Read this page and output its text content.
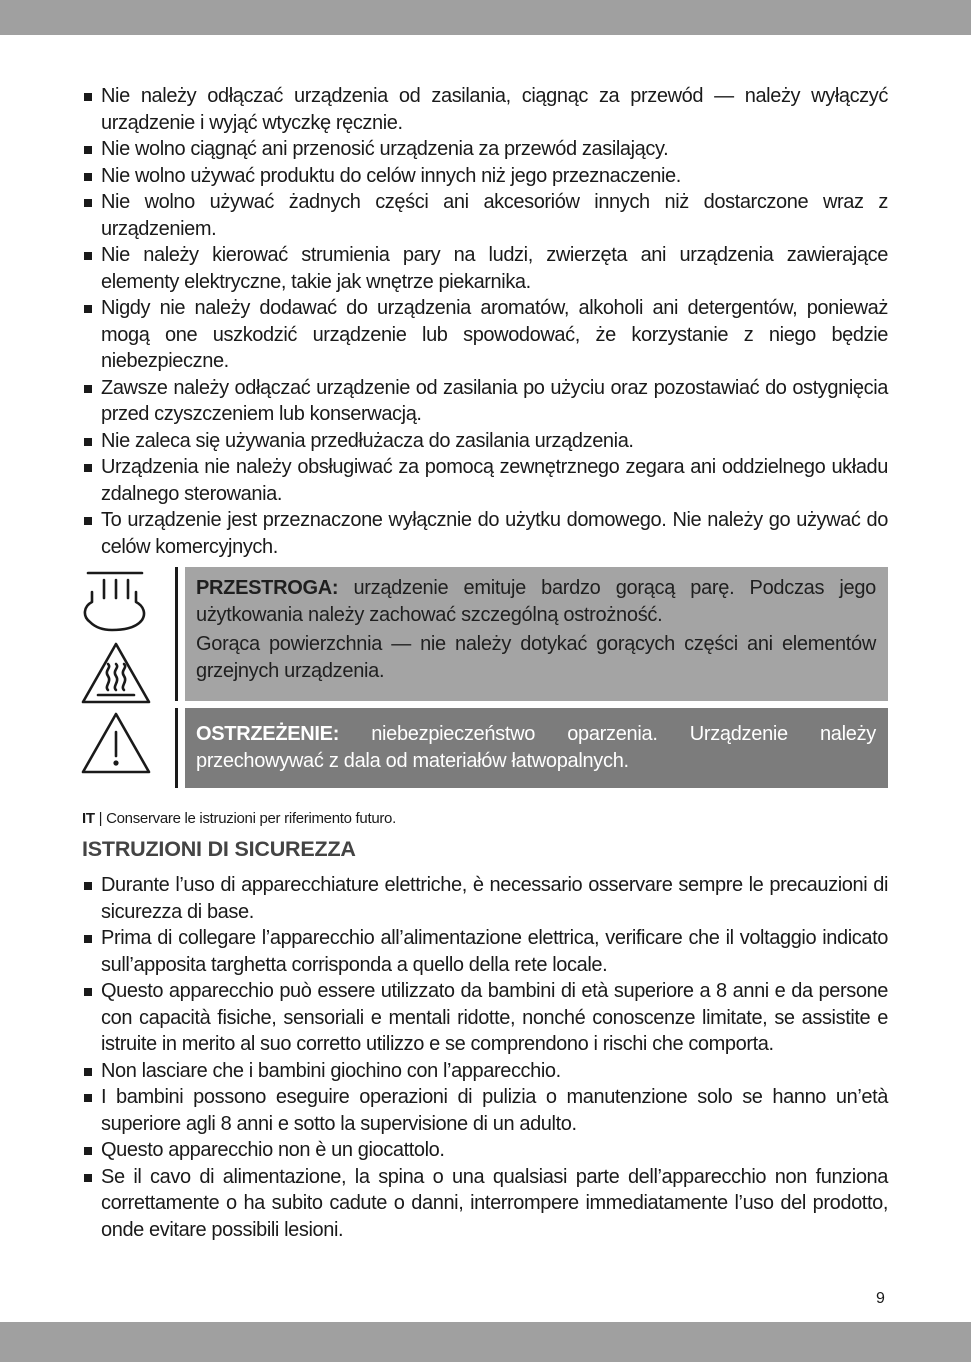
Nie należy odłączać urządzenia od zasilania, ciągnąc za przewód — należy wyłączyć urządzenie i wyjąć wtyczkę ręcznie.
Nie wolno ciągnąć ani przenosić urządzenia za przewód zasilający.
Nie wolno używać produktu do celów innych niż jego przeznaczenie.
Nie wolno używać żadnych części ani akcesoriów innych niż dostarczone wraz z urządzeniem.
Nie należy kierować strumienia pary na ludzi, zwierzęta ani urządzenia zawierające elementy elektryczne, takie jak wnętrze piekarnika.
Nigdy nie należy dodawać do urządzenia aromatów, alkoholi ani detergentów, ponieważ mogą one uszkodzić urządzenie lub spowodować, że korzystanie z niego będzie niebezpieczne.
Zawsze należy odłączać urządzenie od zasilania po użyciu oraz pozostawiać do ostygnięcia przed czyszczeniem lub konserwacją.
Nie zaleca się używania przedłużacza do zasilania urządzenia.
Urządzenia nie należy obsługiwać za pomocą zewnętrznego zegara ani oddzielnego układu zdalnego sterowania.
To urządzenie jest przeznaczone wyłącznie do użytku domowego. Nie należy go używać do celów komercyjnych.

PRZESTROGA: urządzenie emituje bardzo gorącą parę. Podczas jego użytkowania należy zachować szczególną ostrożność.

Gorąca powierzchnia — nie należy dotykać gorących części ani elementów grzejnych urządzenia.

OSTRZEŻENIE: niebezpieczeństwo oparzenia. Urządzenie należy przechowywać z dala od materiałów łatwopalnych.

IT | Conservare le istruzioni per riferimento futuro.
ISTRUZIONI DI SICUREZZA
Durante l’uso di apparecchiature elettriche, è necessario osservare sempre le precauzioni di sicurezza di base.
Prima di collegare l’apparecchio all’alimentazione elettrica, verificare che il voltaggio indicato sull’apposita targhetta corrisponda a quello della rete locale.
Questo apparecchio può essere utilizzato da bambini di età superiore a 8 anni e da persone con capacità fisiche, sensoriali e mentali ridotte, nonché conoscenze limitate, se assistite e istruite in merito al suo corretto utilizzo e se comprendono i rischi che comporta.
Non lasciare che i bambini giochino con l’apparecchio.
I bambini possono eseguire operazioni di pulizia o manutenzione solo se hanno un’età superiore agli 8 anni e sotto la supervisione di un adulto.
Questo apparecchio non è un giocattolo.
Se il cavo di alimentazione, la spina o una qualsiasi parte dell’apparecchio non funziona correttamente o ha subito cadute o danni, interrompere immediatamente l’uso del prodotto, onde evitare possibili lesioni.
9
